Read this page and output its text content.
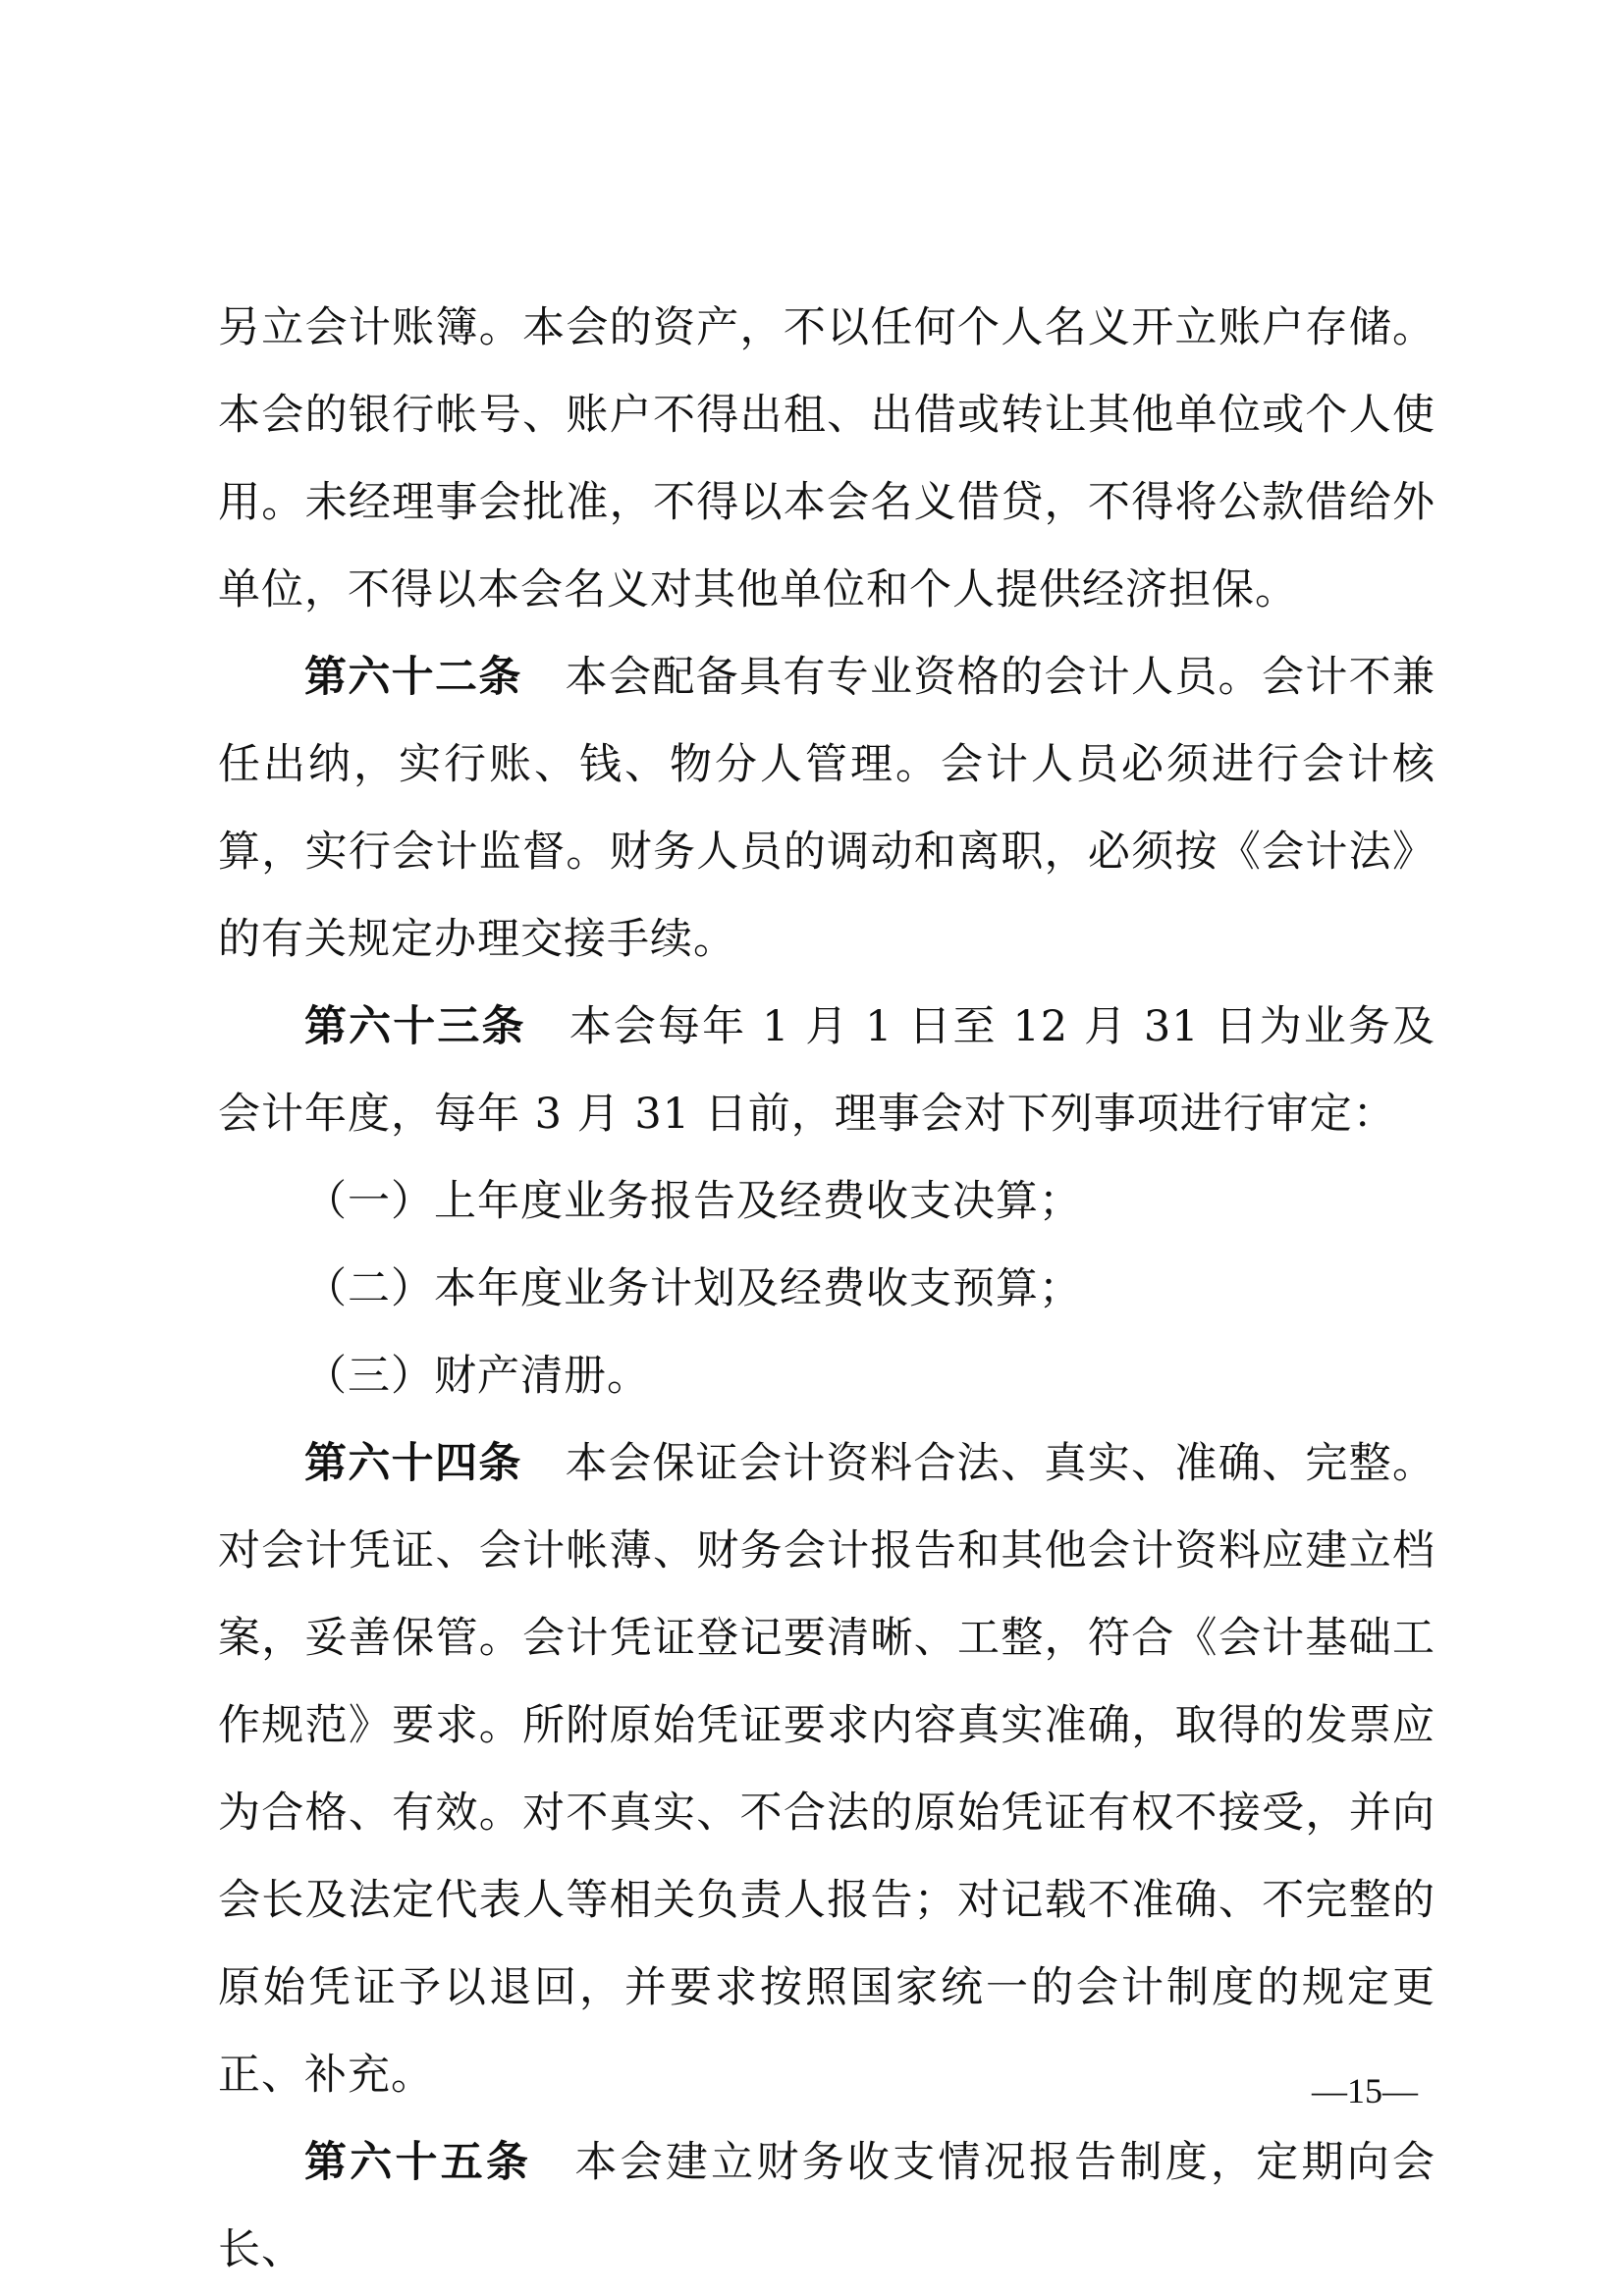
另立会计账簿。本会的资产，不以任何个人名义开立账户存储。本会的银行帐号、账户不得出租、出借或转让其他单位或个人使用。未经理事会批准，不得以本会名义借贷，不得将公款借给外单位，不得以本会名义对其他单位和个人提供经济担保。

第六十二条 本会配备具有专业资格的会计人员。会计不兼任出纳，实行账、钱、物分人管理。会计人员必须进行会计核算，实行会计监督。财务人员的调动和离职，必须按《会计法》的有关规定办理交接手续。

第六十三条 本会每年 1 月 1 日至 12 月 31 日为业务及会计年度，每年 3 月 31 日前，理事会对下列事项进行审定：

（一）上年度业务报告及经费收支决算；

（二）本年度业务计划及经费收支预算；

（三）财产清册。

第六十四条 本会保证会计资料合法、真实、准确、完整。对会计凭证、会计帐薄、财务会计报告和其他会计资料应建立档案，妥善保管。会计凭证登记要清晰、工整，符合《会计基础工作规范》要求。所附原始凭证要求内容真实准确，取得的发票应为合格、有效。对不真实、不合法的原始凭证有权不接受，并向会长及法定代表人等相关负责人报告；对记载不准确、不完整的原始凭证予以退回，并要求按照国家统一的会计制度的规定更正、补充。

第六十五条 本会建立财务收支情况报告制度，定期向会长、

—15—
